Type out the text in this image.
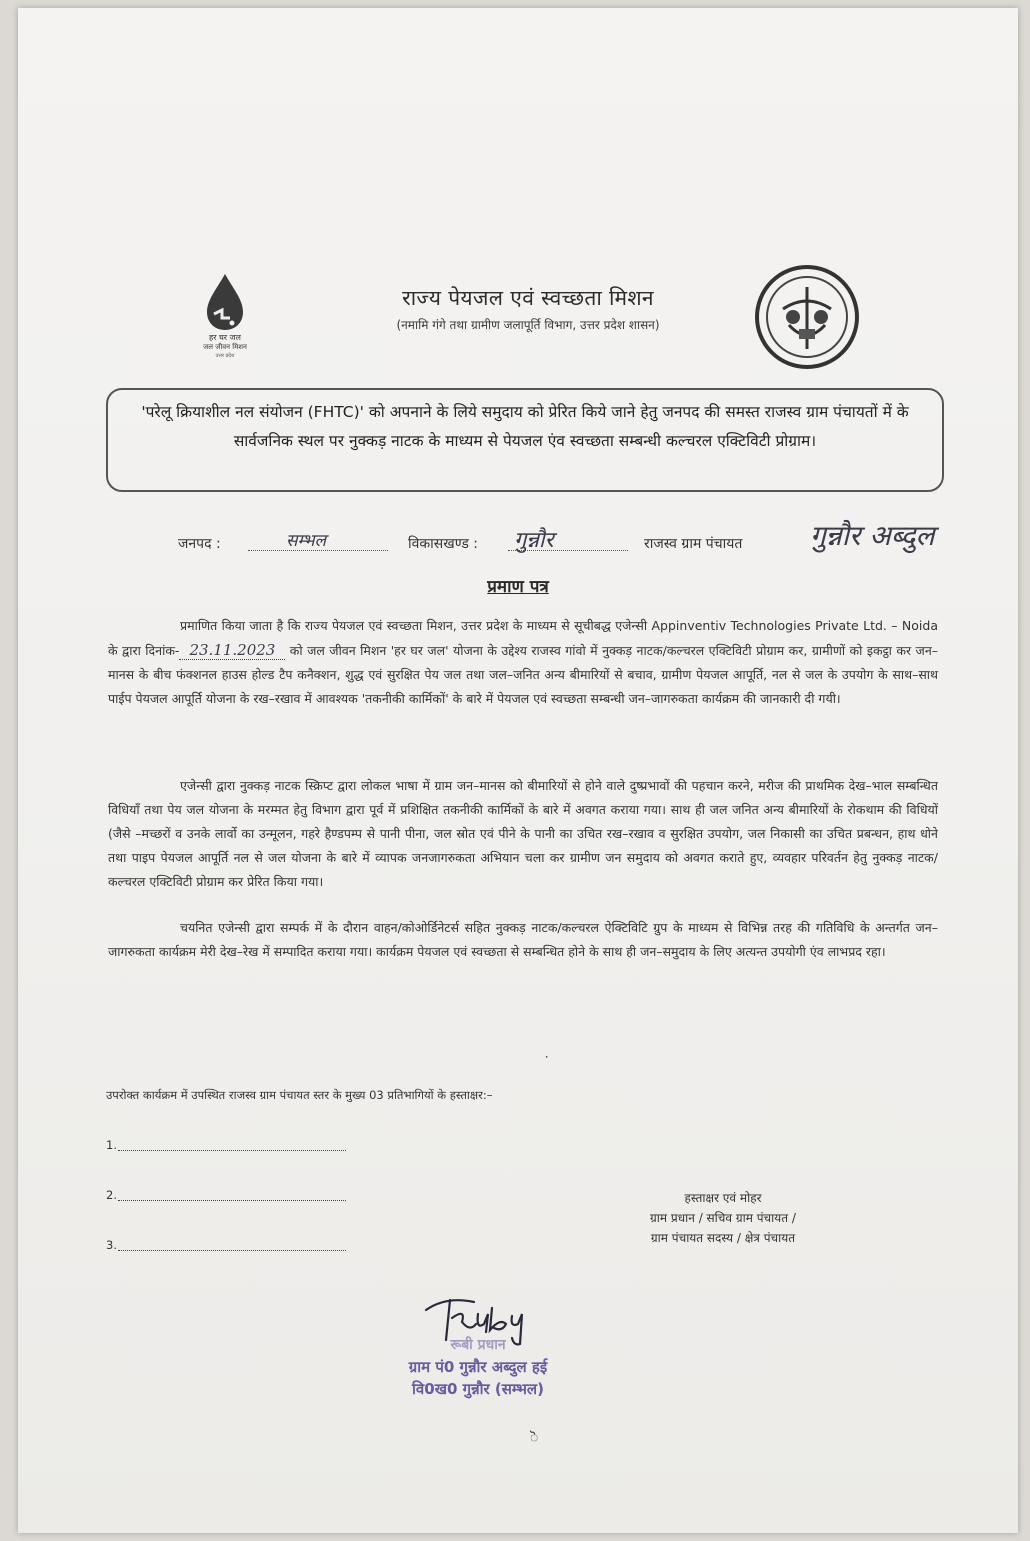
हर घर जल
जल जीवन मिशन
उत्तर प्रदेश
राज्य पेयजल एवं स्वच्छता मिशन
(नमामि गंगे तथा ग्रामीण जलापूर्ति विभाग, उत्तर प्रदेश शासन)
'परेलू क्रियाशील नल संयोजन (FHTC)' को अपनाने के लिये समुदाय को प्रेरित किये जाने हेतु जनपद की समस्त राजस्व ग्राम पंचायतों में के सार्वजनिक स्थल पर नुक्कड़ नाटक के माध्यम से पेयजल एंव स्वच्छता सम्बन्धी कल्चरल एक्टिविटी प्रोग्राम।
जनपद :	सम्भल	विकासखण्ड : गुन्नौर	राजस्व ग्राम पंचायत गुन्नौर अब्दुल
प्रमाण पत्र
प्रमाणित किया जाता है कि राज्य पेयजल एवं स्वच्छता मिशन, उत्तर प्रदेश के माध्यम से सूचीबद्ध एजेन्सी Appinventiv Technologies Private Ltd. – Noida के द्वारा दिनांक- 23.11.2023 को जल जीवन मिशन 'हर घर जल' योजना के उद्देश्य राजस्व गांवो में नुक्कड़ नाटक/कल्चरल एक्टिविटी प्रोग्राम कर, ग्रामीणों को इकट्ठा कर जन–मानस के बीच फंक्शनल हाउस होल्ड टैप कनैक्शन, शुद्ध एवं सुरक्षित पेय जल तथा जल–जनित अन्य बीमारियों से बचाव, ग्रामीण पेयजल आपूर्ति, नल से जल के उपयोग के साथ–साथ पाईप पेयजल आपूर्ति योजना के रख–रखाव में आवश्यक 'तकनीकी कार्मिकों' के बारे में पेयजल एवं स्वच्छता सम्बन्धी जन–जागरुकता कार्यक्रम की जानकारी दी गयी।
एजेन्सी द्वारा नुक्कड़ नाटक स्क्रिप्ट द्वारा लोकल भाषा में ग्राम जन–मानस को बीमारियों से होने वाले दुष्प्रभावों की पहचान करने, मरीज की प्राथमिक देख–भाल सम्बन्धित विधियाँ तथा पेय जल योजना के मरम्मत हेतु विभाग द्वारा पूर्व में प्रशिक्षित तकनीकी कार्मिकों के बारे में अवगत कराया गया। साथ ही जल जनित अन्य बीमारियों के रोकथाम की विधियों (जैसे –मच्छरों व उनके लार्वो का उन्मूलन, गहरे हैण्डपम्प से पानी पीना, जल स्रोत एवं पीने के पानी का उचित रख–रखाव व सुरक्षित उपयोग, जल निकासी का उचित प्रबन्धन, हाथ धोने तथा पाइप पेयजल आपूर्ति नल से जल योजना के बारे में व्यापक जनजागरुकता अभियान चला कर ग्रामीण जन समुदाय को अवगत कराते हुए, व्यवहार परिवर्तन हेतु नुक्कड़ नाटक/कल्चरल एक्टिविटी प्रोग्राम कर प्रेरित किया गया।
चयनित एजेन्सी द्वारा सम्पर्क में के दौरान वाहन/कोओर्डिनेटर्स सहित नुक्कड़ नाटक/कल्चरल ऐक्टिविटि ग्रुप के माध्यम से विभिन्न तरह की गतिविधि के अन्तर्गत जन–जागरुकता कार्यक्रम मेरी देख–रेख में सम्पादित कराया गया। कार्यक्रम पेयजल एवं स्वच्छता से सम्बन्धित होने के साथ ही जन–समुदाय के लिए अत्यन्त उपयोगी एंव लाभप्रद रहा।
⸱
उपरोक्त कार्यक्रम में उपस्थित राजस्व ग्राम पंचायत स्तर के मुख्य 03 प्रतिभागियों के हस्ताक्षर:–
1.
2.
3.
हस्ताक्षर एवं मोहर
ग्राम प्रधान / सचिव ग्राम पंचायत /
ग्राम पंचायत सदस्य / क्षेत्र पंचायत
रूबी प्रधान
ग्राम पं0 गुन्नौर अब्दुल हई
वि0ख0 गुन्नौर (सम्भल)
ॆ
